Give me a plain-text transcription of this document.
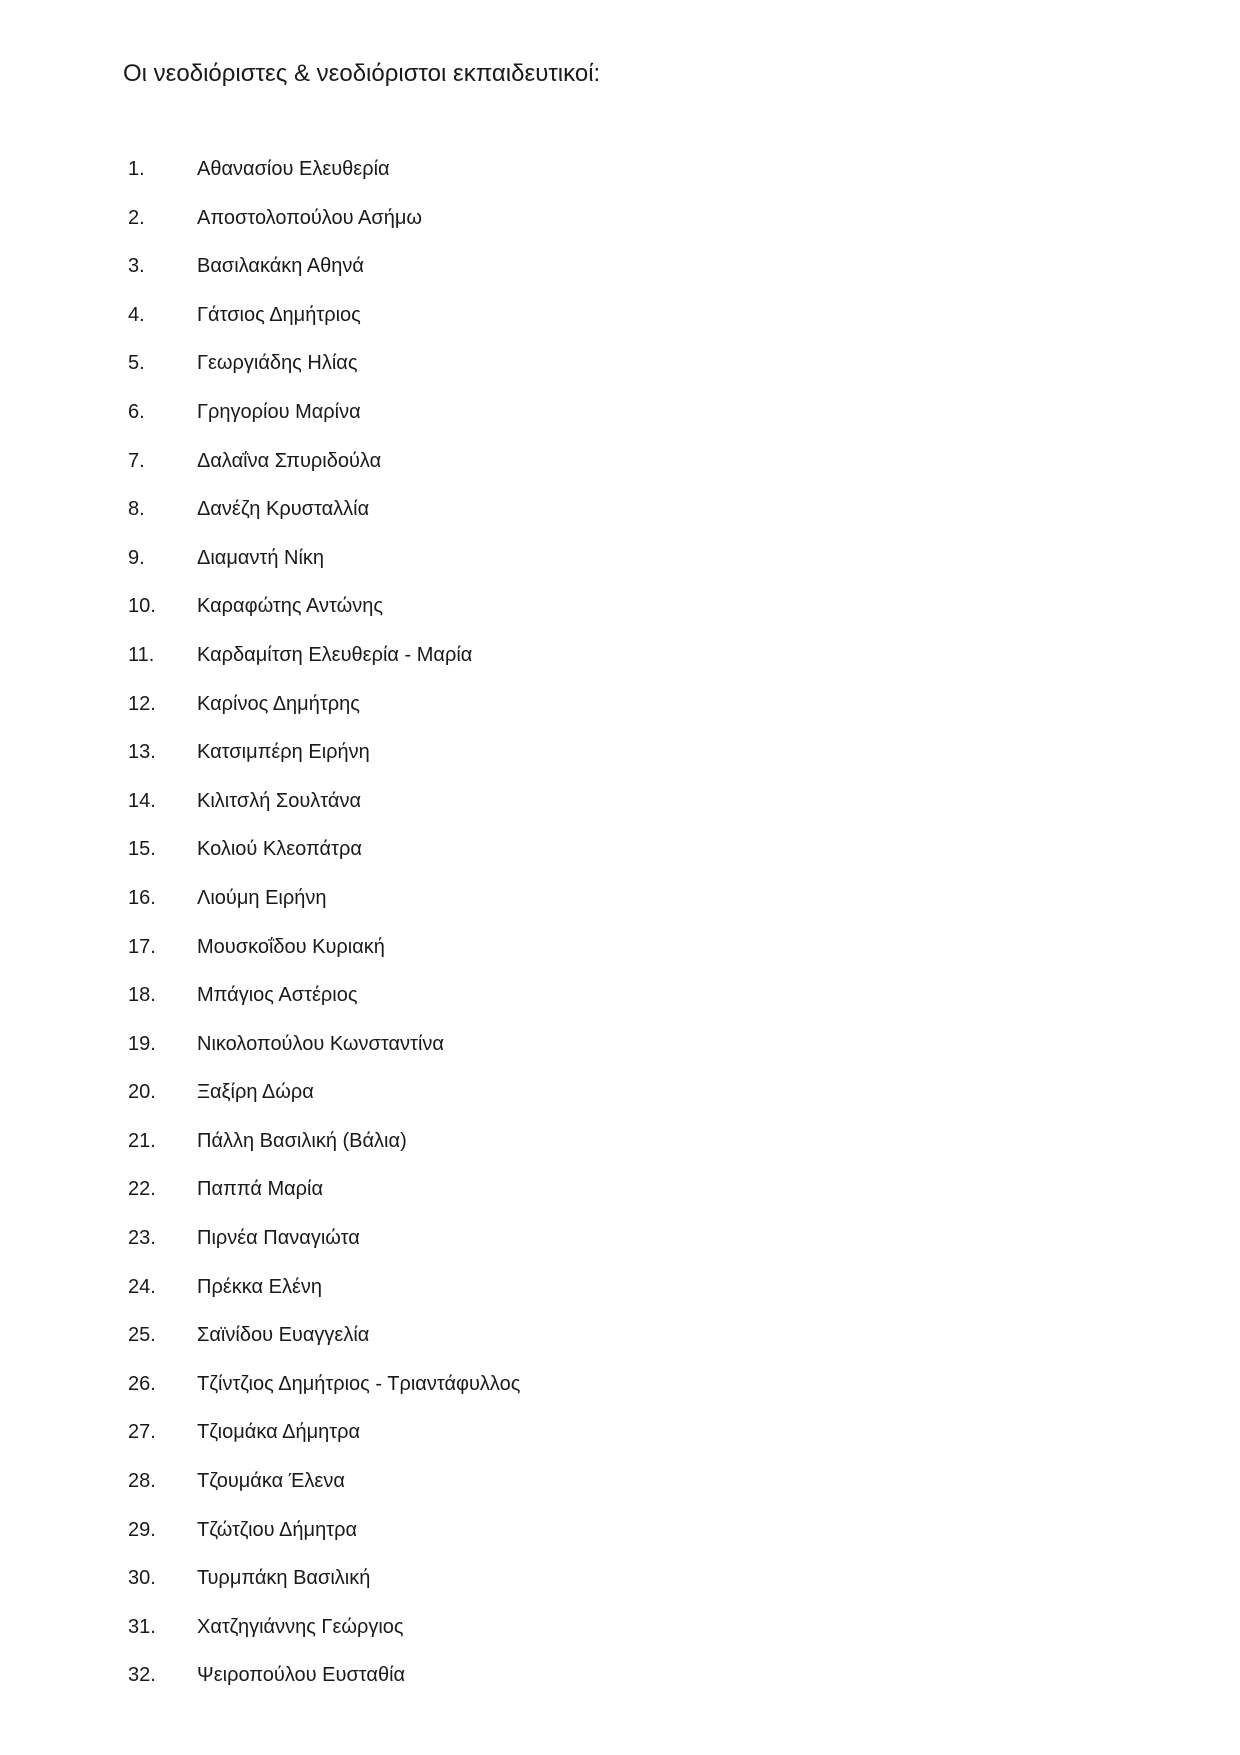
Οι νεοδιόριστες & νεοδιόριστοι εκπαιδευτικοί:
1.	Αθανασίου Ελευθερία
2.	Αποστολοπούλου Ασήμω
3.	Βασιλακάκη Αθηνά
4.	Γάτσιος Δημήτριος
5.	Γεωργιάδης Ηλίας
6.	Γρηγορίου Μαρίνα
7.	Δαλαΐνα Σπυριδούλα
8.	Δανέζη Κρυσταλλία
9.	Διαμαντή Νίκη
10.	Καραφώτης Αντώνης
11.	Καρδαμίτση Ελευθερία - Μαρία
12.	Καρίνος Δημήτρης
13.	Κατσιμπέρη Ειρήνη
14.	Κιλιτσλή Σουλτάνα
15.	Κολιού Κλεοπάτρα
16.	Λιούμη Ειρήνη
17.	Μουσκοΐδου Κυριακή
18.	Μπάγιος Αστέριος
19.	Νικολοπούλου Κωνσταντίνα
20.	Ξαξίρη Δώρα
21.	Πάλλη Βασιλική (Βάλια)
22.	Παππά Μαρία
23.	Πιρνέα Παναγιώτα
24.	Πρέκκα Ελένη
25.	Σαϊνίδου Ευαγγελία
26.	Τζίντζιος Δημήτριος - Τριαντάφυλλος
27.	Τζιομάκα Δήμητρα
28.	Τζουμάκα Έλενα
29.	Τζώτζιου Δήμητρα
30.	Τυρμπάκη Βασιλική
31.	Χατζηγιάννης Γεώργιος
32.	Ψειροπούλου Ευσταθία
